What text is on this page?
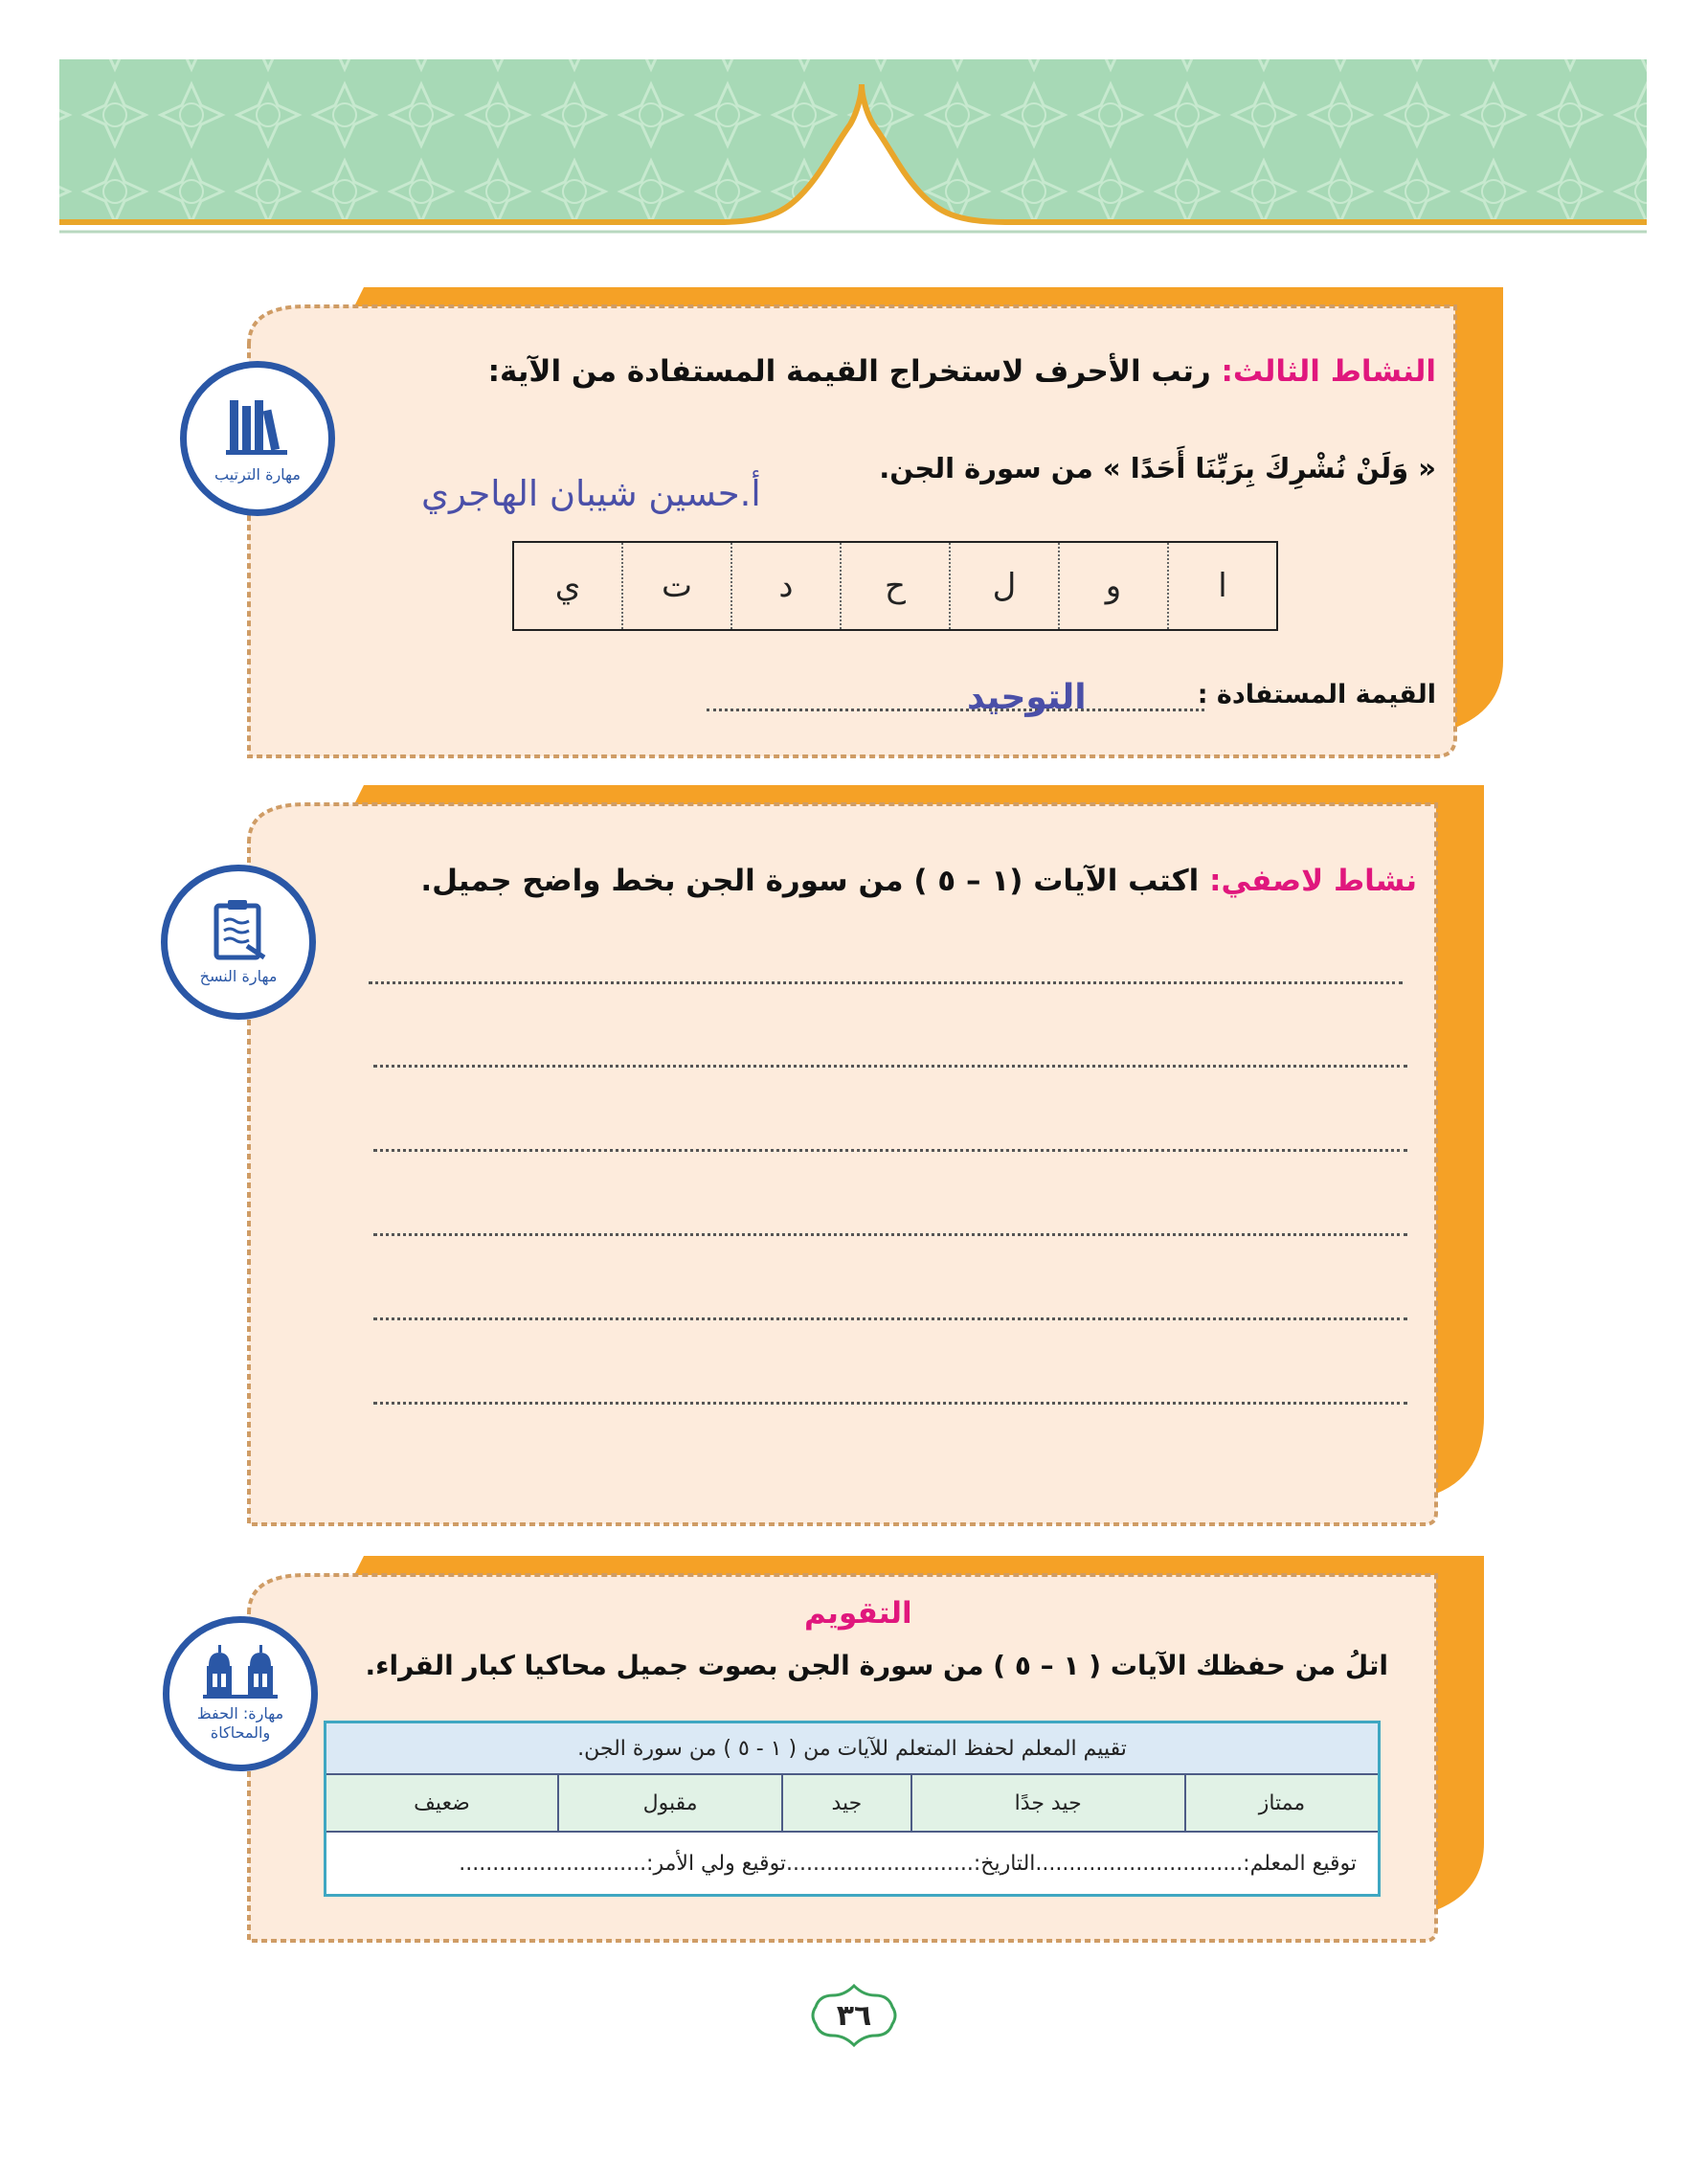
النشاط الثالث: رتب الأحرف لاستخراج القيمة المستفادة من الآية:
« وَلَنْ نُشْرِكَ بِرَبِّنَا أَحَدًا » من سورة الجن.
أ.حسين شيبان الهاجري
ا	و	ل	ح	د	ت	ي
القيمة المستفادة :
التوحيد
مهارة الترتيب
نشاط لاصفي: اكتب الآيات (١ – ٥ ) من سورة الجن بخط واضح جميل.
مهارة النسخ
التقويم
اتلُ من حفظك الآيات ( ١ – ٥ ) من سورة الجن بصوت جميل محاكيا كبار القراء.
تقييم المعلم لحفظ المتعلم للآيات من ( ١ - ٥ ) من سورة الجن.
ممتاز	جيد جدًا	جيد	مقبول	ضعيف
توقيع المعلم:...............................التاريخ:............................توقيع ولي الأمر:............................
مهارة: الحفظ
والمحاكاة
٣٦
